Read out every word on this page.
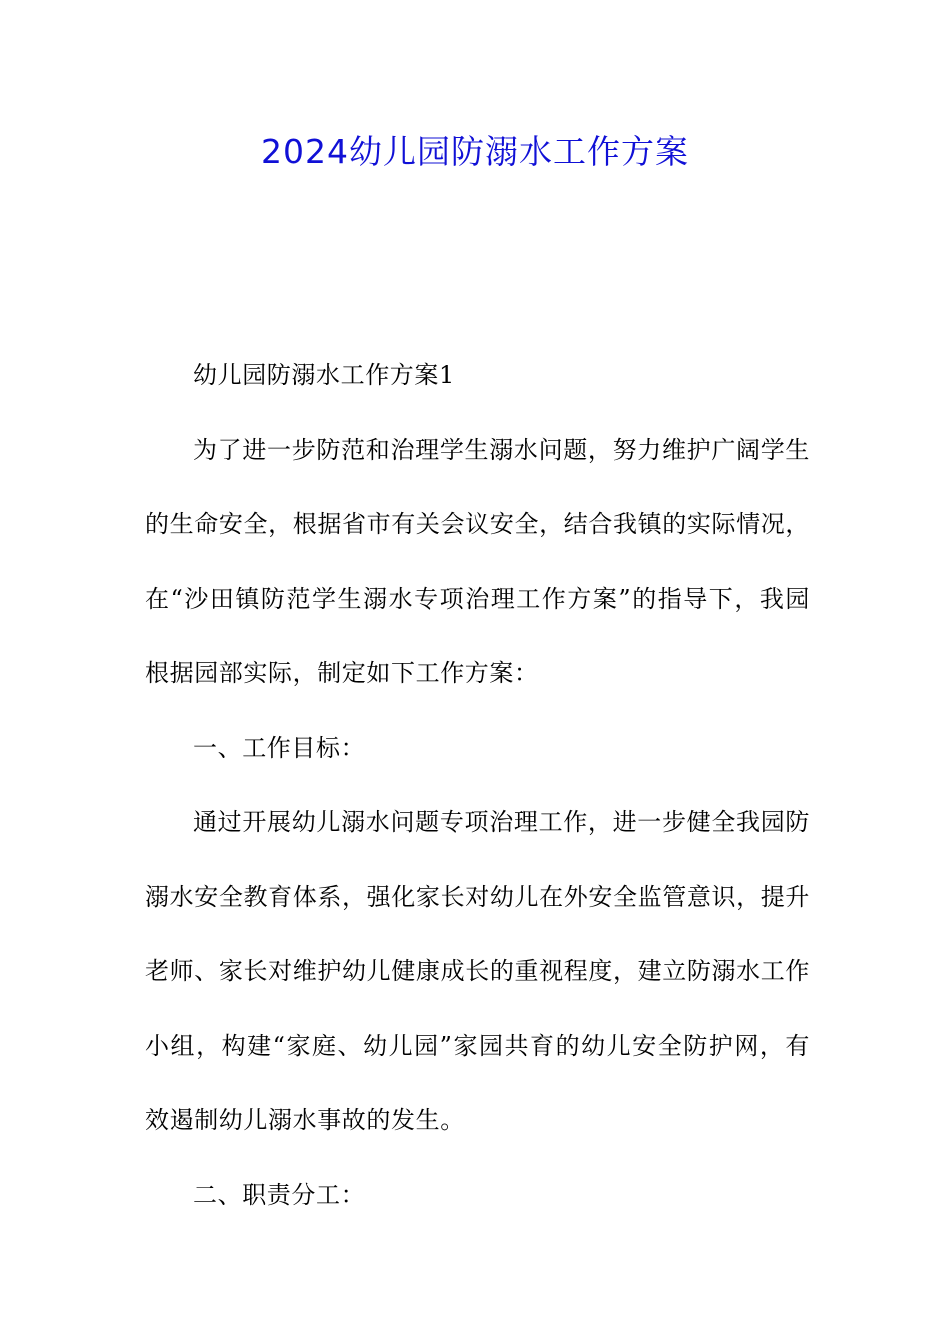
2024幼儿园防溺水工作方案

幼儿园防溺水工作方案1

为了进一步防范和治理学生溺水问题，努力维护广阔学生的生命安全，根据省市有关会议安全，结合我镇的实际情况，在“沙田镇防范学生溺水专项治理工作方案”的指导下，我园根据园部实际，制定如下工作方案：

一、工作目标：

通过开展幼儿溺水问题专项治理工作，进一步健全我园防溺水安全教育体系，强化家长对幼儿在外安全监管意识，提升老师、家长对维护幼儿健康成长的重视程度，建立防溺水工作小组，构建“家庭、幼儿园”家园共育的幼儿安全防护网，有效遏制幼儿溺水事故的发生。

二、职责分工：
